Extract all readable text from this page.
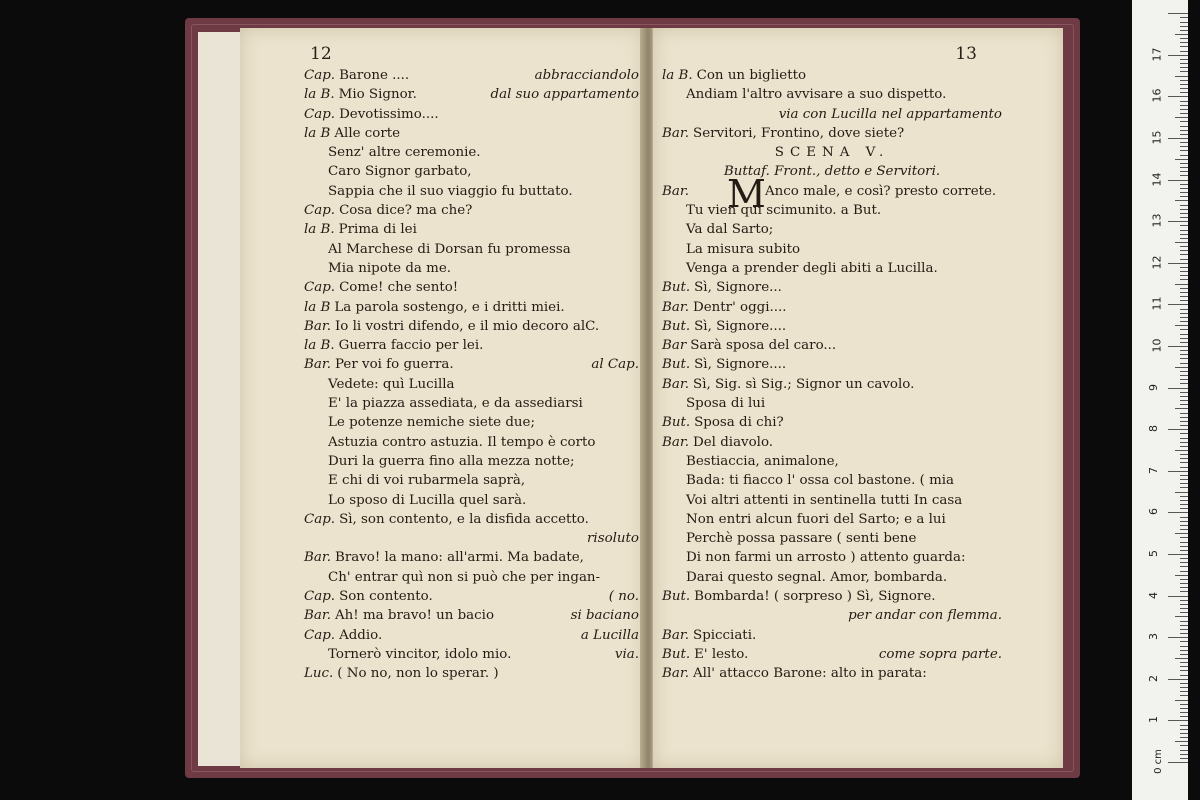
12
Cap. Barone ....	abbracciandolo
la B. Mio Signor.	dal suo appartamento
Cap. Devotissimo....
la B Alle corte
Senz' altre ceremonie.
Caro Signor garbato,
Sappia che il suo viaggio fu buttato.
Cap. Cosa dice? ma che?
la B. Prima di lei
Al Marchese di Dorsan fu promessa
Mia nipote da me.
Cap. Come! che sento!
la B La parola sostengo, e i dritti miei.
Bar. Io li vostri difendo, e il mio decoro alC.
la B. Guerra faccio per lei.
Bar. Per voi fo guerra.	al Cap.
Vedete: quì Lucilla
E' la piazza assediata, e da assediarsi
Le potenze nemiche siete due;
Astuzia contro astuzia. Il tempo è corto
Duri la guerra fino alla mezza notte;
E chi di voi rubarmela saprà,
Lo sposo di Lucilla quel sarà.
Cap. Sì, son contento, e la disfida accetto.
risoluto
Bar. Bravo! la mano: all'armi. Ma badate,
Ch' entrar quì non si può che per ingan-
Cap. Son contento.	( no.
Bar. Ah! ma bravo! un bacio	si baciano
Cap. Addio.	a Lucilla
Tornerò vincitor, idolo mio.	via.
Luc. ( No no, non lo sperar. )
13
la B. Con un biglietto
Andiam l'altro avvisare a suo dispetto.
via con Lucilla nel appartamento
Bar. Servitori, Frontino, dove siete?
SCENA V.
Buttaf. Front., detto e Servitori.
Bar. MAnco male, e così? presto correte.
Tu vien quì scimunito. a But.
Va dal Sarto;
La misura subito
Venga a prender degli abiti a Lucilla.
But. Sì, Signore...
Bar. Dentr' oggi....
But. Sì, Signore....
Bar Sarà sposa del caro...
But. Sì, Signore....
Bar. Sì, Sig. sì Sig.; Signor un cavolo.
Sposa di lui
But. Sposa di chi?
Bar. Del diavolo.
Bestiaccia, animalone,
Bada: ti fiacco l' ossa col bastone. ( mia
Voi altri attenti in sentinella tutti In casa
Non entri alcun fuori del Sarto; e a lui
Perchè possa passare ( senti bene
Di non farmi un arrosto ) attento guarda:
Darai questo segnal. Amor, bombarda.
But. Bombarda! ( sorpreso ) Sì, Signore.
per andar con flemma.
Bar. Spicciati.
But. E' lesto.	come sopra parte.
Bar. All' attacco Barone: alto in parata:
0 cm
1
2
3
4
5
6
7
8
9
10
11
12
13
14
15
16
17
